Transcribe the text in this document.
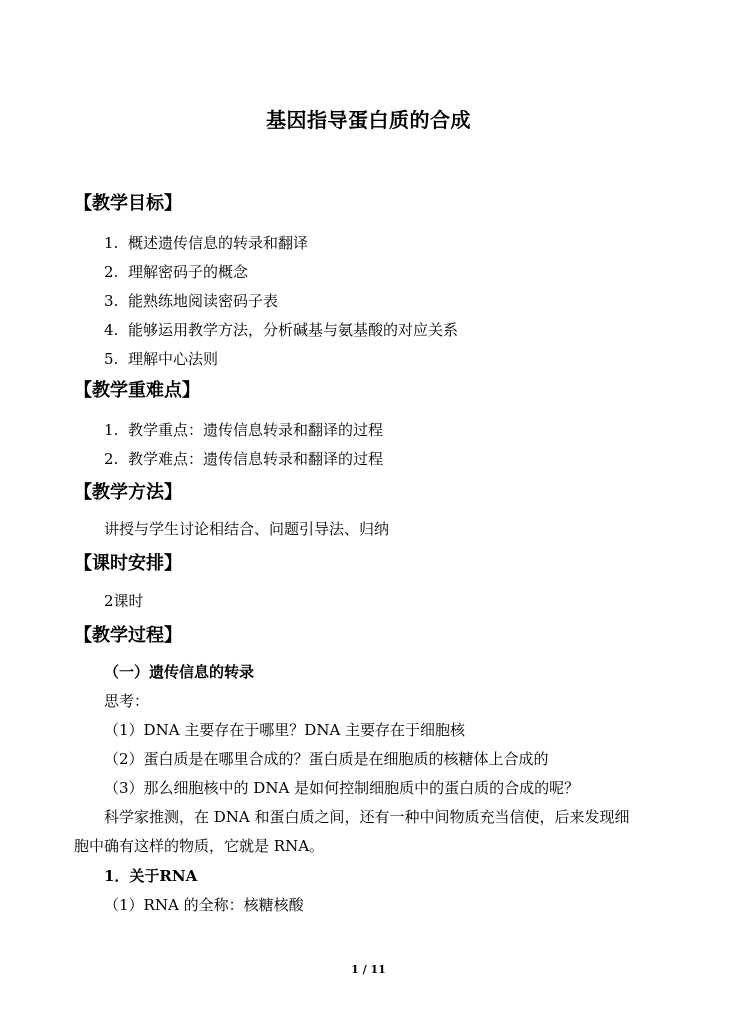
基因指导蛋白质的合成
【教学目标】
1. 概述遗传信息的转录和翻译
2. 理解密码子的概念
3. 能熟练地阅读密码子表
4. 能够运用教学方法，分析碱基与氨基酸的对应关系
5. 理解中心法则
【教学重难点】
1. 教学重点：遗传信息转录和翻译的过程
2. 教学难点：遗传信息转录和翻译的过程
【教学方法】
讲授与学生讨论相结合、问题引导法、归纳
【课时安排】
2课时
【教学过程】
（一）遗传信息的转录
思考：
（1）DNA 主要存在于哪里？DNA 主要存在于细胞核
（2）蛋白质是在哪里合成的？蛋白质是在细胞质的核糖体上合成的
（3）那么细胞核中的 DNA 是如何控制细胞质中的蛋白质的合成的呢？
科学家推测，在 DNA 和蛋白质之间，还有一种中间物质充当信使，后来发现细
胞中确有这样的物质，它就是 RNA。
1．关于RNA
（1）RNA 的全称：核糖核酸
1 / 11
